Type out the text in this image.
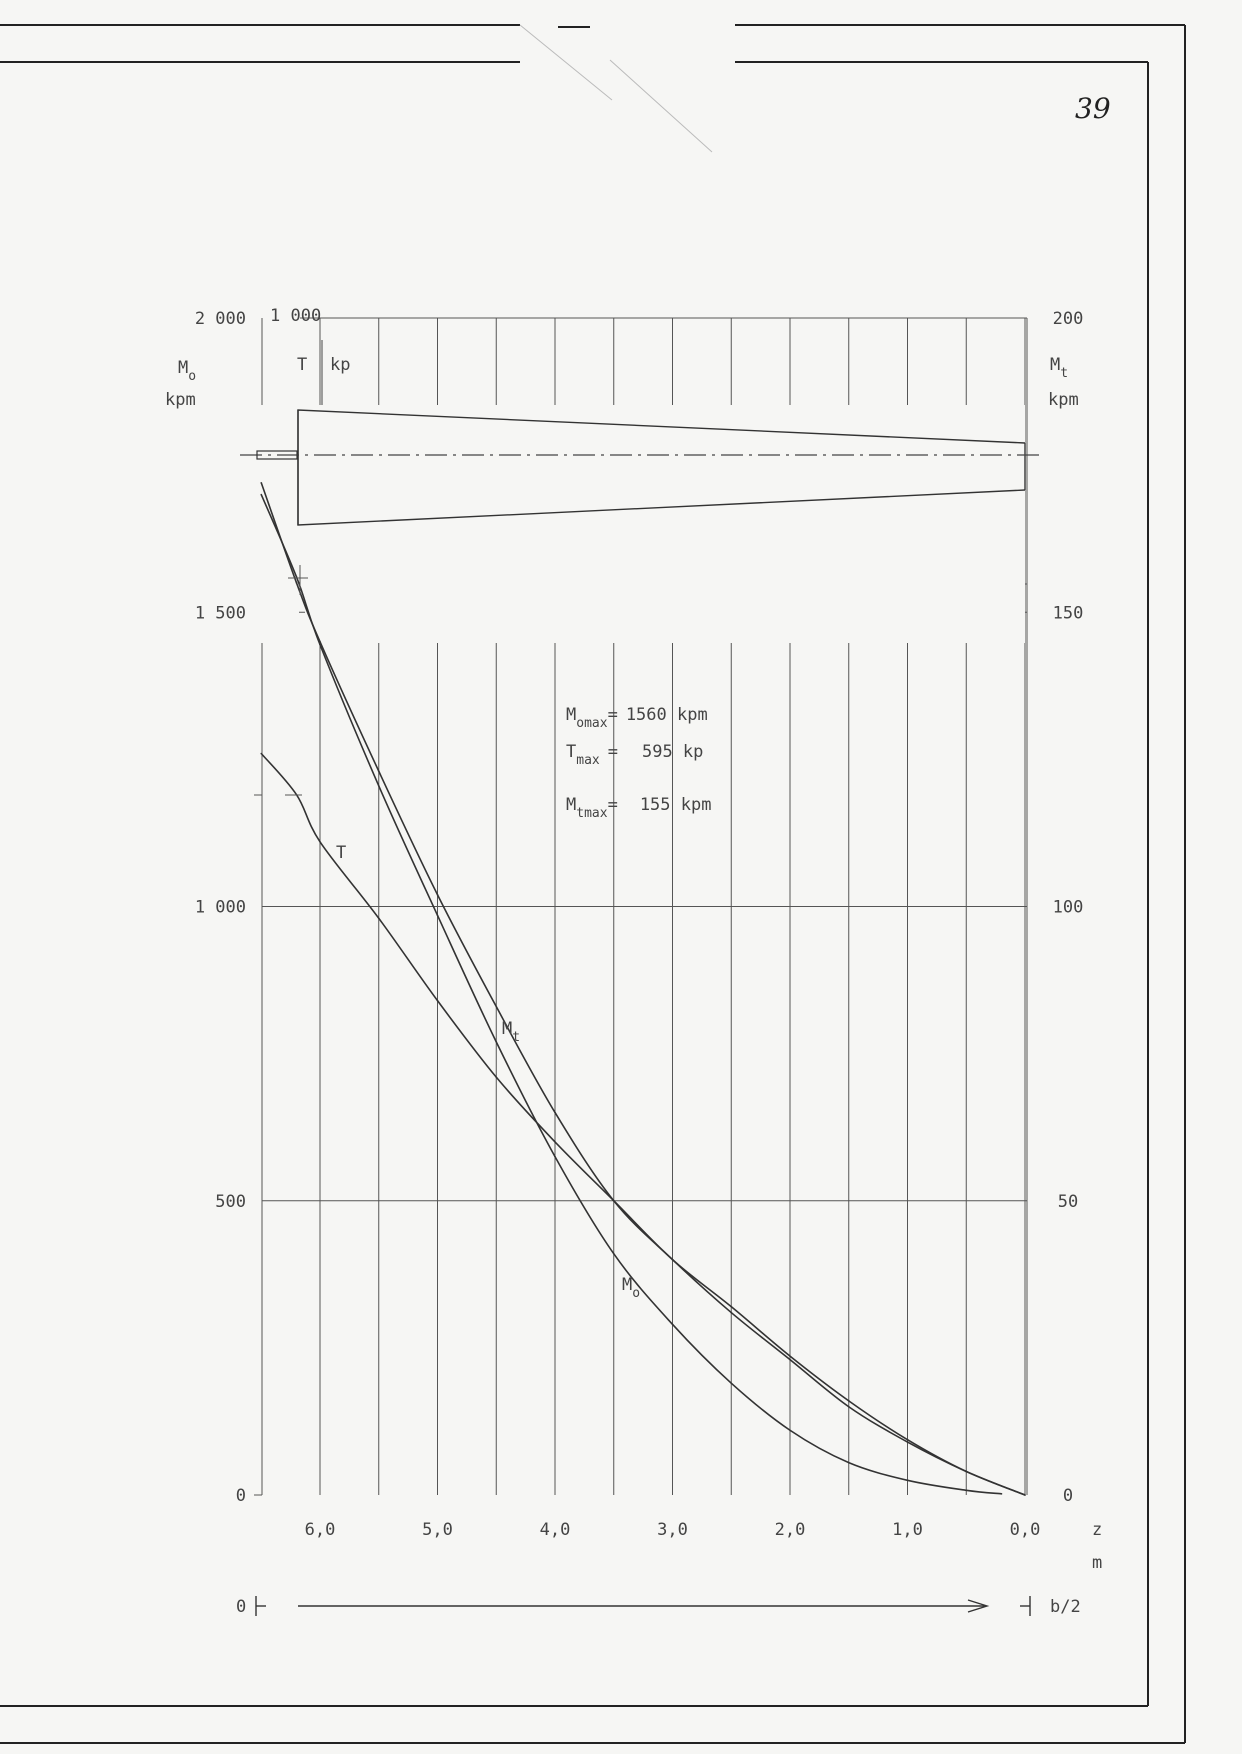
39
$M_o$
kpm
T kp
1 000
$M_t$
kpm
z
m
0
500
1 000
1 500
2 000
0
50
100
150
200
6,0	5,0	4,0	3,0	2,0	1,0	0,0
0	b/2
$M_{omax}= 1560$ kpm
$T_{max} = 595$ kp
$M_{tmax}= 155$ kpm
T
$M_t$
$M_o$
